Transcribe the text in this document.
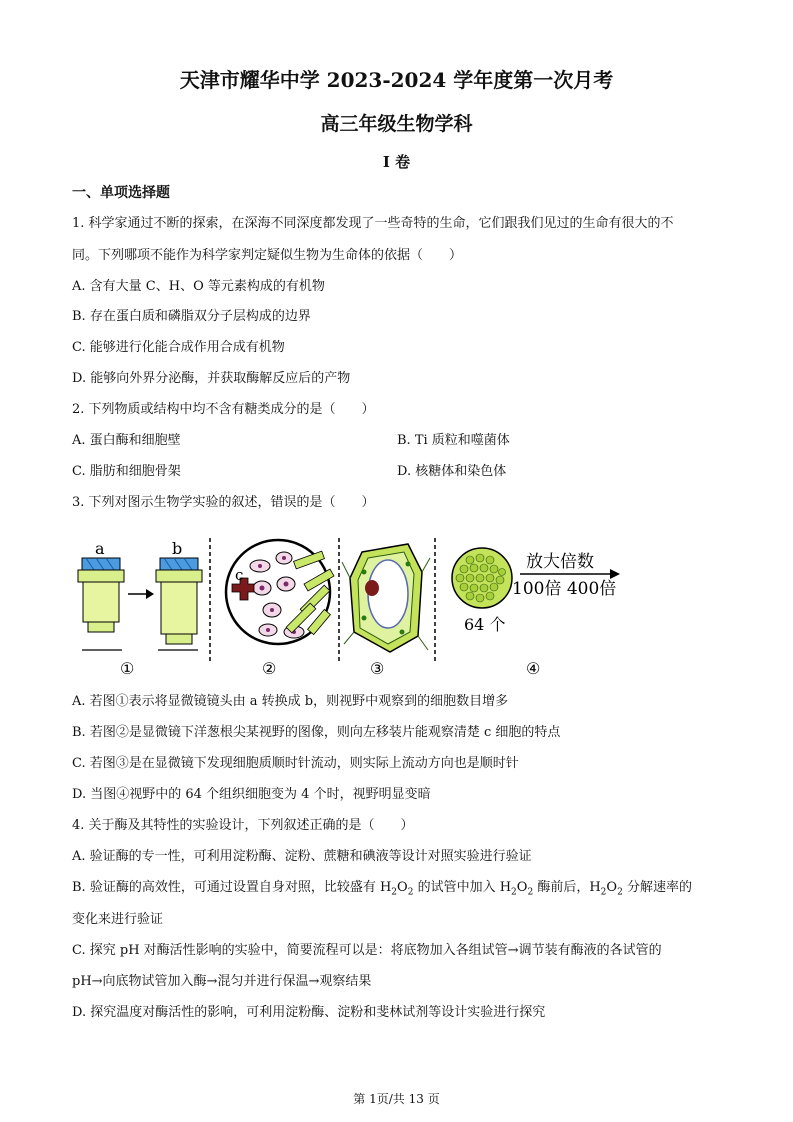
天津市耀华中学 2023-2024 学年度第一次月考
高三年级生物学科
I 卷
一、单项选择题
1. 科学家通过不断的探索，在深海不同深度都发现了一些奇特的生命，它们跟我们见过的生命有很大的不
同。下列哪项不能作为科学家判定疑似生物为生命体的依据（　　）
A. 含有大量 C、H、O 等元素构成的有机物
B. 存在蛋白质和磷脂双分子层构成的边界
C. 能够进行化能合成作用合成有机物
D. 能够向外界分泌酶，并获取酶解反应后的产物
2. 下列物质或结构中均不含有糖类成分的是（　　）
A. 蛋白酶和细胞壁	B. Ti 质粒和噬菌体
C. 脂肪和细胞骨架	D. 核糖体和染色体
3. 下列对图示生物学实验的叙述，错误的是（　　）
a	b
①
c
②	③
放大倍数
100倍 400倍
64 个
④
A. 若图①表示将显微镜镜头由 a 转换成 b，则视野中观察到的细胞数目增多
B. 若图②是显微镜下洋葱根尖某视野的图像，则向左移装片能观察清楚 c 细胞的特点
C. 若图③是在显微镜下发现细胞质顺时针流动，则实际上流动方向也是顺时针
D. 当图④视野中的 64 个组织细胞变为 4 个时，视野明显变暗
4. 关于酶及其特性的实验设计，下列叙述正确的是（　　）
A. 验证酶的专一性，可利用淀粉酶、淀粉、蔗糖和碘液等设计对照实验进行验证
B. 验证酶的高效性，可通过设置自身对照，比较盛有 $H_2O_2$ 的试管中加入 $H_2O_2$ 酶前后，$H_2O_2$ 分解速率的
变化来进行验证
C. 探究 pH 对酶活性影响的实验中，简要流程可以是：将底物加入各组试管→调节装有酶液的各试管的
pH→向底物试管加入酶→混匀并进行保温→观察结果
D. 探究温度对酶活性的影响，可利用淀粉酶、淀粉和斐林试剂等设计实验进行探究
第 1页/共 13 页
